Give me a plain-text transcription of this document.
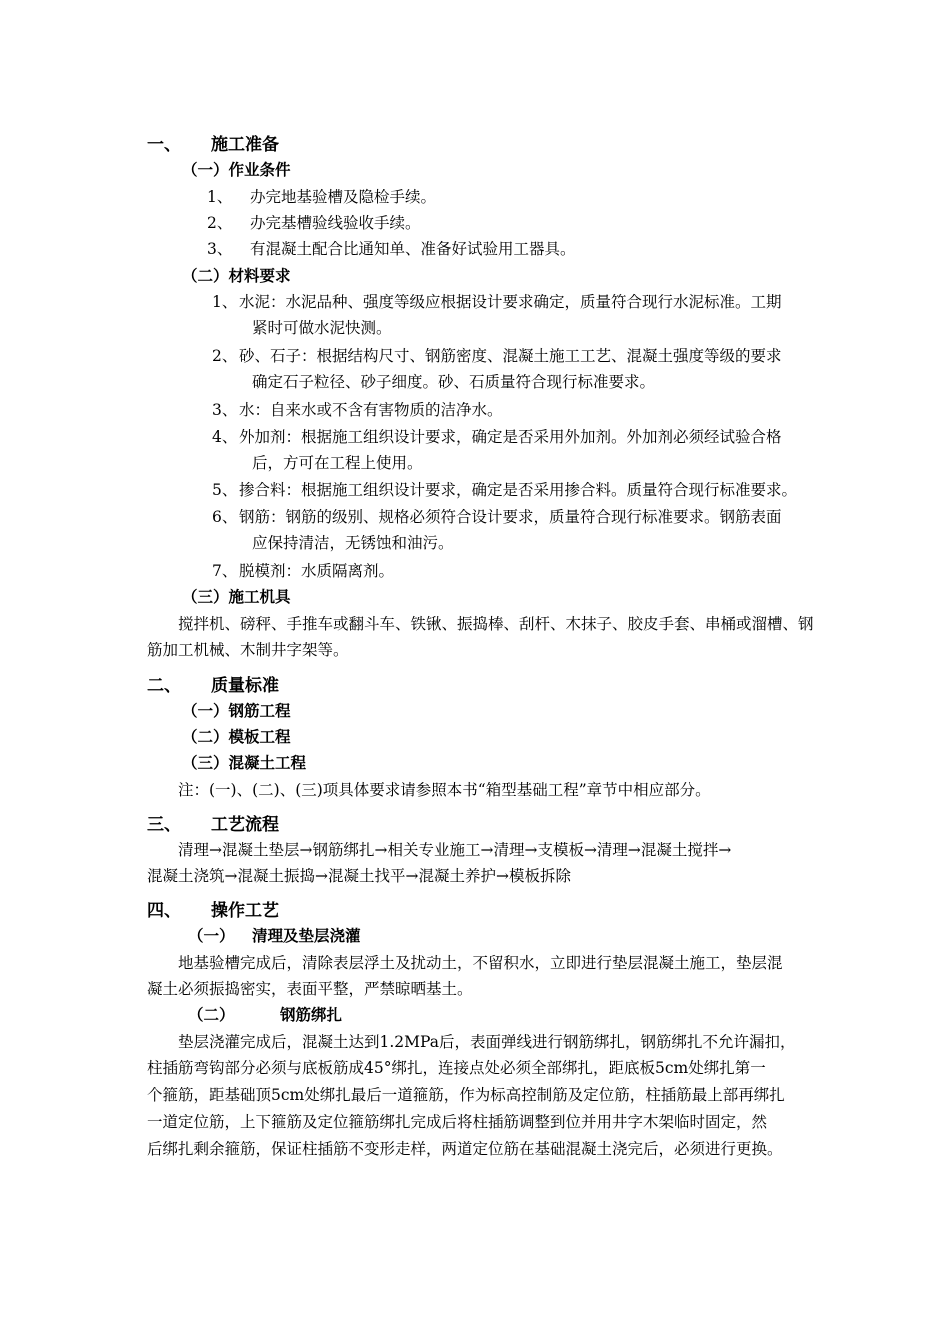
一、 施工准备
（一）作业条件
1、 办完地基验槽及隐检手续。
2、 办完基槽验线验收手续。
3、 有混凝土配合比通知单、准备好试验用工器具。
（二）材料要求
1、 水泥：水泥品种、强度等级应根据设计要求确定，质量符合现行水泥标准。工期
紧时可做水泥快测。
2、 砂、石子：根据结构尺寸、钢筋密度、混凝土施工工艺、混凝土强度等级的要求
确定石子粒径、砂子细度。砂、石质量符合现行标准要求。
3、 水：自来水或不含有害物质的洁净水。
4、 外加剂：根据施工组织设计要求，确定是否采用外加剂。外加剂必须经试验合格
后，方可在工程上使用。
5、 掺合料：根据施工组织设计要求，确定是否采用掺合料。质量符合现行标准要求。
6、 钢筋：钢筋的级别、规格必须符合设计要求，质量符合现行标准要求。钢筋表面
应保持清洁，无锈蚀和油污。
7、 脱模剂：水质隔离剂。
（三）施工机具
搅拌机、磅秤、手推车或翻斗车、铁锹、振捣棒、刮杆、木抹子、胶皮手套、串桶或溜槽、钢
筋加工机械、木制井字架等。
二、 质量标准
（一）钢筋工程
（二）模板工程
（三）混凝土工程
注：(一)、(二)、(三)项具体要求请参照本书“箱型基础工程”章节中相应部分。
三、 工艺流程
清理→混凝土垫层→钢筋绑扎→相关专业施工→清理→支模板→清理→混凝土搅拌→
混凝土浇筑→混凝土振捣→混凝土找平→混凝土养护→模板拆除
四、 操作工艺
（一） 清理及垫层浇灌
地基验槽完成后，清除表层浮土及扰动土，不留积水，立即进行垫层混凝土施工，垫层混
凝土必须振捣密实，表面平整，严禁晾晒基土。
（二）	钢筋绑扎
垫层浇灌完成后，混凝土达到1.2MPa后，表面弹线进行钢筋绑扎，钢筋绑扎不允许漏扣，
柱插筋弯钩部分必须与底板筋成45°绑扎，连接点处必须全部绑扎，距底板5cm处绑扎第一
个箍筋，距基础顶5cm处绑扎最后一道箍筋，作为标高控制筋及定位筋，柱插筋最上部再绑扎
一道定位筋，上下箍筋及定位箍筋绑扎完成后将柱插筋调整到位并用井字木架临时固定，然
后绑扎剩余箍筋，保证柱插筋不变形走样，两道定位筋在基础混凝土浇完后，必须进行更换。
